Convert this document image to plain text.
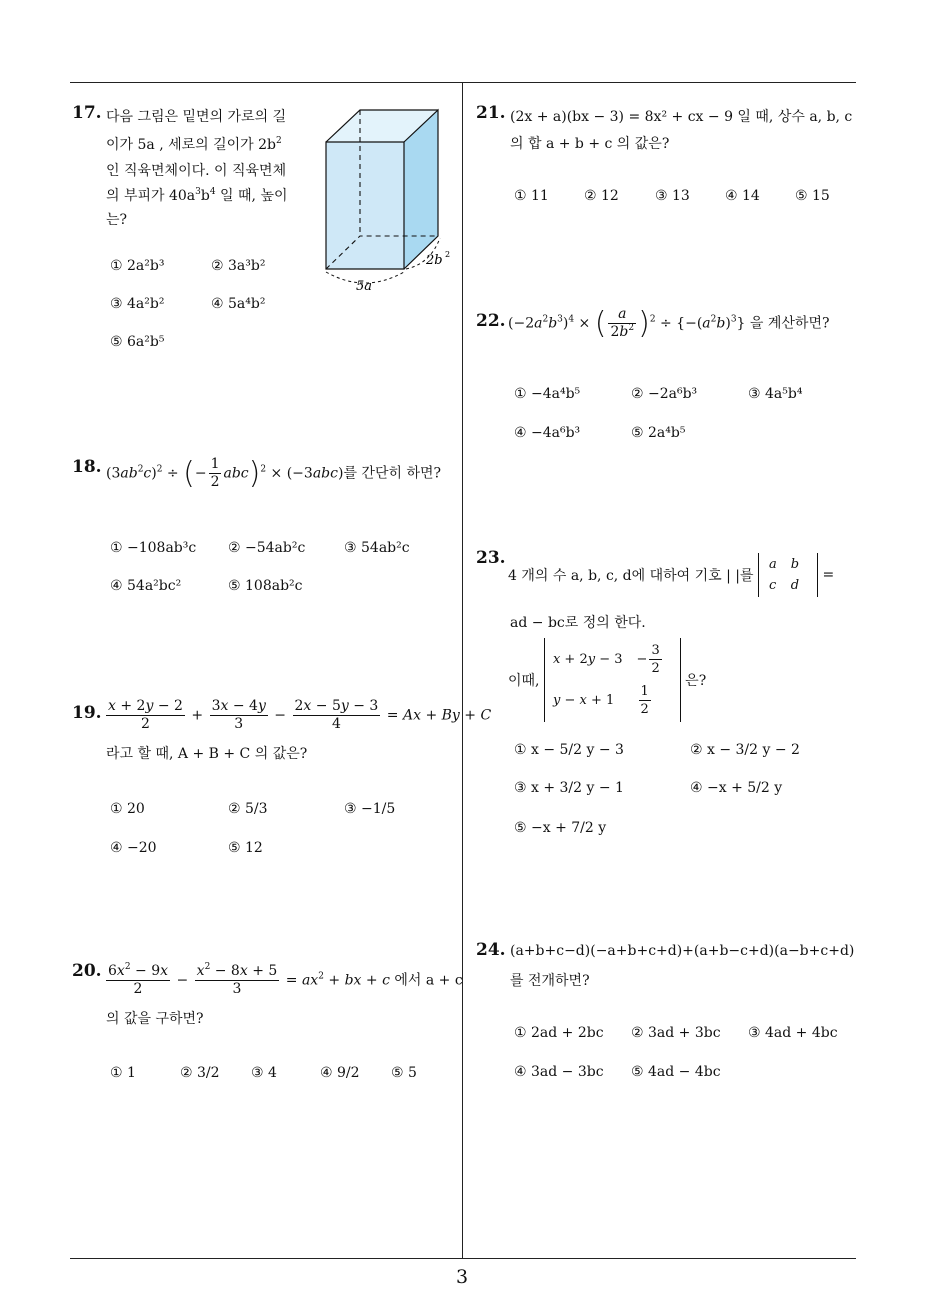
17. 다음 그림은 밑면의 가로의 길
이가 5a , 세로의 길이가 $2b^2$
인 직육면체이다. 이 직육면체
의 부피가 $40a^3b^4$ 일 때, 높이
는?
5a
2b 2
① 2a²b³	② 3a³b²
③ 4a²b²	④ 5a⁴b²
⑤ 6a²b⁵
18. $(3ab^2c)^2$ ÷ (− $\frac{1}{2} abc)^2 \times (-3abc)$를 간단히 하면?
① −108ab³c ② −54ab²c	③ 54ab²c
④ 54a²bc²	⑤ 108ab²c
19. $\frac{x + 2y - 2}{2} + \frac{3x - 4y}{3} - \frac{2x - 5y - 3}{4} = Ax + By + C$
라고 할 때, A + B + C 의 값은?
① 20	② 5/3	③ −1/5
④ −20	⑤ 12
20. $\frac{6x^2 - 9x}{2} - \frac{x^2 - 8x + 5}{3} = ax^2$ + bx + c 에서 a + c
의 값을 구하면?
① 1	② 3/2 ③ 4	④ 9/2 ⑤ 5
21. (2x + a)(bx − 3) = 8x² + cx − 9 일 때, 상수 a, b, c
의 합 a + b + c 의 값은?
① 11	② 12	③ 13	④ 14	⑤ 15
22. $(-2a^2b^3)^4$ × ( $\frac{a}{2b^2} )^2 \div \{-(a^2b)^3\}$ 을 계산하면?
① −4a⁴b⁵	② −2a⁶b³	③ 4a⁵b⁴
④ −4a⁶b³	⑤ 2a⁴b⁵
23.
4 개의 수 a, b, c, d에 대하여 기호 | |를 a	b
c	d =
ad − bc로 정의 한다.
이때, x + 2y − 3	− $\frac{3}{2}$

y − x + 1	$\frac{1}{2}$
은?
① x − 5/2 y − 3	② x − 3/2 y − 2
③ x + 3/2 y − 1	④ −x + 5/2 y
⑤ −x + 7/2 y
24. (a+b+c−d)(−a+b+c+d)+(a+b−c+d)(a−b+c+d)
를 전개하면?
① 2ad + 2bc ② 3ad + 3bc ③ 4ad + 4bc
④ 3ad − 3bc ⑤ 4ad − 4bc
3
